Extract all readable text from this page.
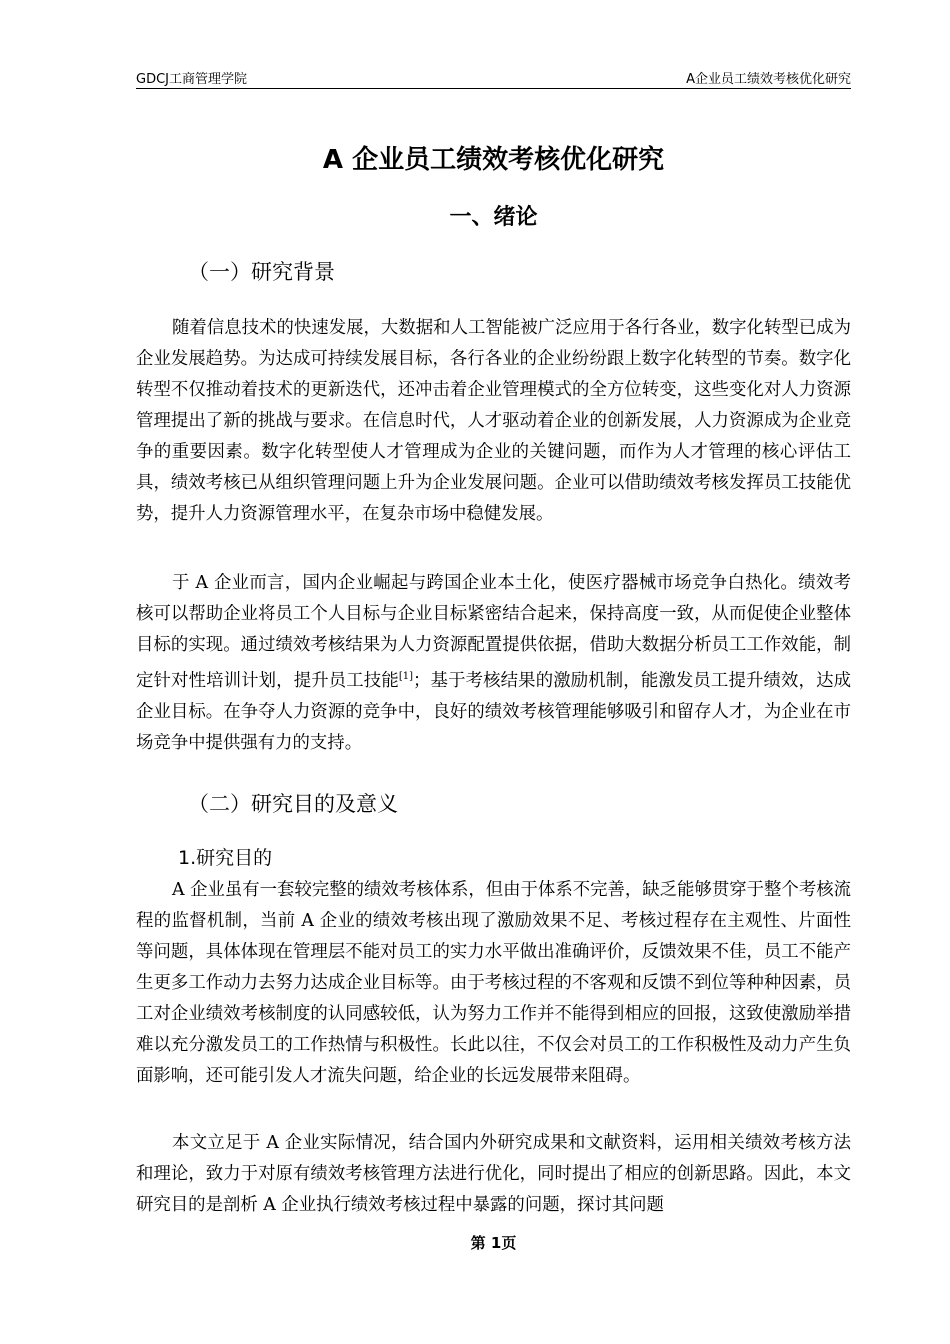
GDCJ工商管理学院	A企业员工绩效考核优化研究
A 企业员工绩效考核优化研究
一、绪论
（一）研究背景

随着信息技术的快速发展，大数据和人工智能被广泛应用于各行各业，数字化转型已成为企业发展趋势。为达成可持续发展目标，各行各业的企业纷纷跟上数字化转型的节奏。数字化转型不仅推动着技术的更新迭代，还冲击着企业管理模式的全方位转变，这些变化对人力资源管理提出了新的挑战与要求。在信息时代，人才驱动着企业的创新发展，人力资源成为企业竞争的重要因素。数字化转型使人才管理成为企业的关键问题，而作为人才管理的核心评估工具，绩效考核已从组织管理问题上升为企业发展问题。企业可以借助绩效考核发挥员工技能优势，提升人力资源管理水平，在复杂市场中稳健发展。

于 A 企业而言，国内企业崛起与跨国企业本土化，使医疗器械市场竞争白热化。绩效考核可以帮助企业将员工个人目标与企业目标紧密结合起来，保持高度一致，从而促使企业整体目标的实现。通过绩效考核结果为人力资源配置提供依据，借助大数据分析员工工作效能，制定针对性培训计划，提升员工技能[1]；基于考核结果的激励机制，能激发员工提升绩效，达成企业目标。在争夺人力资源的竞争中，良好的绩效考核管理能够吸引和留存人才，为企业在市场竞争中提供强有力的支持。

（二）研究目的及意义
1.研究目的

A 企业虽有一套较完整的绩效考核体系，但由于体系不完善，缺乏能够贯穿于整个考核流程的监督机制，当前 A 企业的绩效考核出现了激励效果不足、考核过程存在主观性、片面性等问题，具体体现在管理层不能对员工的实力水平做出准确评价，反馈效果不佳，员工不能产生更多工作动力去努力达成企业目标等。由于考核过程的不客观和反馈不到位等种种因素，员工对企业绩效考核制度的认同感较低，认为努力工作并不能得到相应的回报，这致使激励举措难以充分激发员工的工作热情与积极性。长此以往，不仅会对员工的工作积极性及动力产生负面影响，还可能引发人才流失问题，给企业的长远发展带来阻碍。

本文立足于 A 企业实际情况，结合国内外研究成果和文献资料，运用相关绩效考核方法和理论，致力于对原有绩效考核管理方法进行优化，同时提出了相应的创新思路。因此，本文研究目的是剖析 A 企业执行绩效考核过程中暴露的问题，探讨其问题

第 1页
